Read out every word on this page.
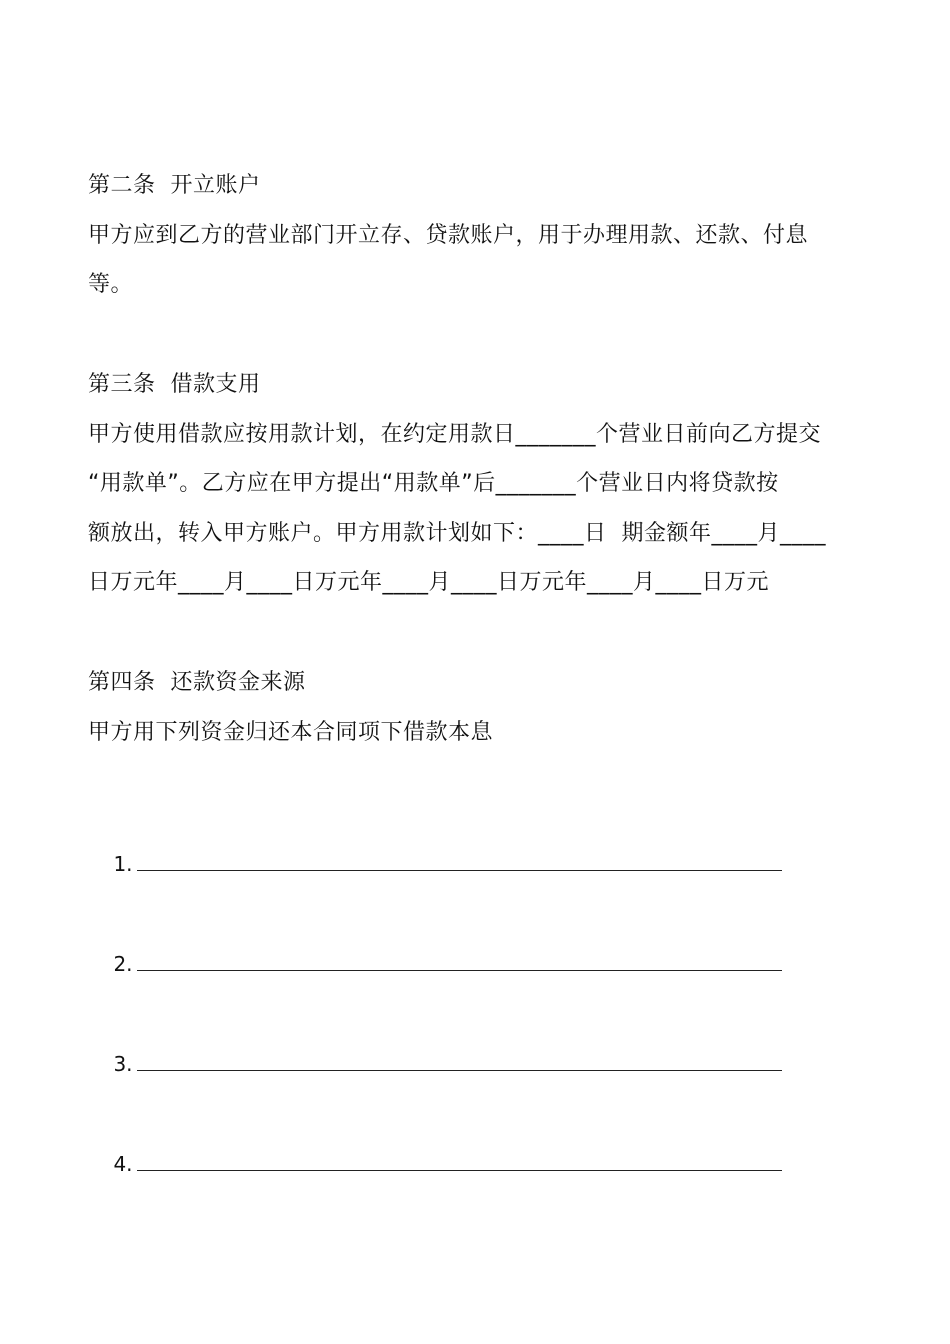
第二条  开立账户
甲方应到乙方的营业部门开立存、贷款账户，用于办理用款、还款、付息
等。
第三条  借款支用
甲方使用借款应按用款计划，在约定用款日_______个营业日前向乙方提交
“用款单”。乙方应在甲方提出“用款单”后_______个营业日内将贷款按
额放出，转入甲方账户。甲方用款计划如下：____日  期金额年____月____
日万元年____月____日万元年____月____日万元年____月____日万元
第四条  还款资金来源
甲方用下列资金归还本合同项下借款本息

1.

2.

3.

4.
